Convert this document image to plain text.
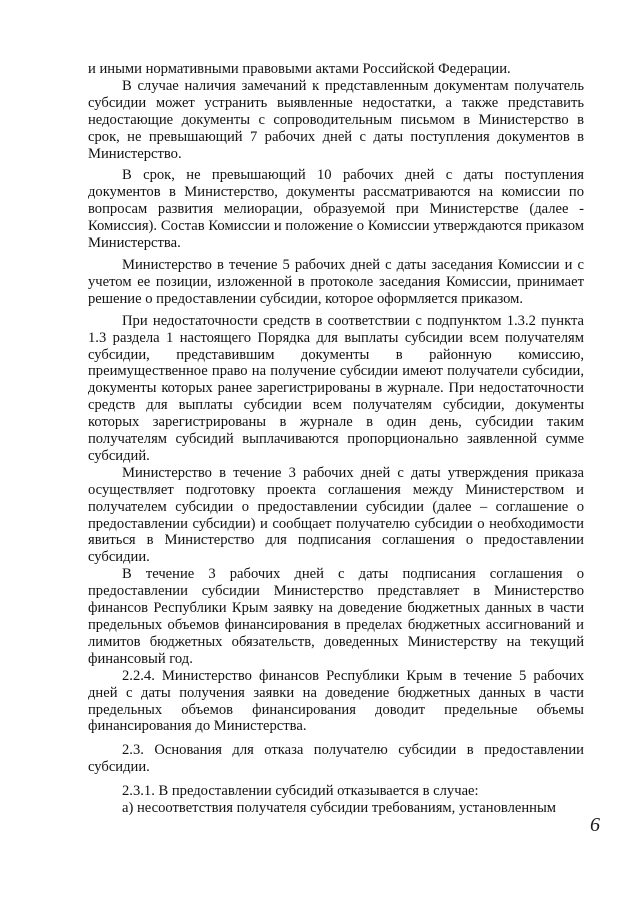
и иными нормативными правовыми актами Российской Федерации.

В случае наличия замечаний к представленным документам получатель субсидии может устранить выявленные недостатки, а также представить недостающие документы с сопроводительным письмом в Министерство в срок, не превышающий 7 рабочих дней с даты поступления документов в Министерство.

В срок, не превышающий 10 рабочих дней с даты поступления документов в Министерство, документы рассматриваются на комиссии по вопросам развития мелиорации, образуемой при Министерстве (далее - Комиссия). Состав Комиссии и положение о Комиссии утверждаются приказом Министерства.

Министерство в течение 5 рабочих дней с даты заседания Комиссии и с учетом ее позиции, изложенной в протоколе заседания Комиссии, принимает решение о предоставлении субсидии, которое оформляется приказом.

При недостаточности средств в соответствии с подпунктом 1.3.2 пункта 1.3 раздела 1 настоящего Порядка для выплаты субсидии всем получателям субсидии, представившим документы в районную комиссию, преимущественное право на получение субсидии имеют получатели субсидии, документы которых ранее зарегистрированы в журнале. При недостаточности средств для выплаты субсидии всем получателям субсидии, документы которых зарегистрированы в журнале в один день, субсидии таким получателям субсидий выплачиваются пропорционально заявленной сумме субсидий.

Министерство в течение 3 рабочих дней с даты утверждения приказа осуществляет подготовку проекта соглашения между Министерством и получателем субсидии о предоставлении субсидии (далее – соглашение о предоставлении субсидии) и сообщает получателю субсидии о необходимости явиться в Министерство для подписания соглашения о предоставлении субсидии.

В течение 3 рабочих дней с даты подписания соглашения о предоставлении субсидии Министерство представляет в Министерство финансов Республики Крым заявку на доведение бюджетных данных в части предельных объемов финансирования в пределах бюджетных ассигнований и лимитов бюджетных обязательств, доведенных Министерству на текущий финансовый год.

2.2.4. Министерство финансов Республики Крым в течение 5 рабочих дней с даты получения заявки на доведение бюджетных данных в части предельных объемов финансирования доводит предельные объемы финансирования до Министерства.

2.3. Основания для отказа получателю субсидии в предоставлении субсидии.

2.3.1. В предоставлении субсидий отказывается в случае:

а) несоответствия получателя субсидии требованиям, установленным

6
